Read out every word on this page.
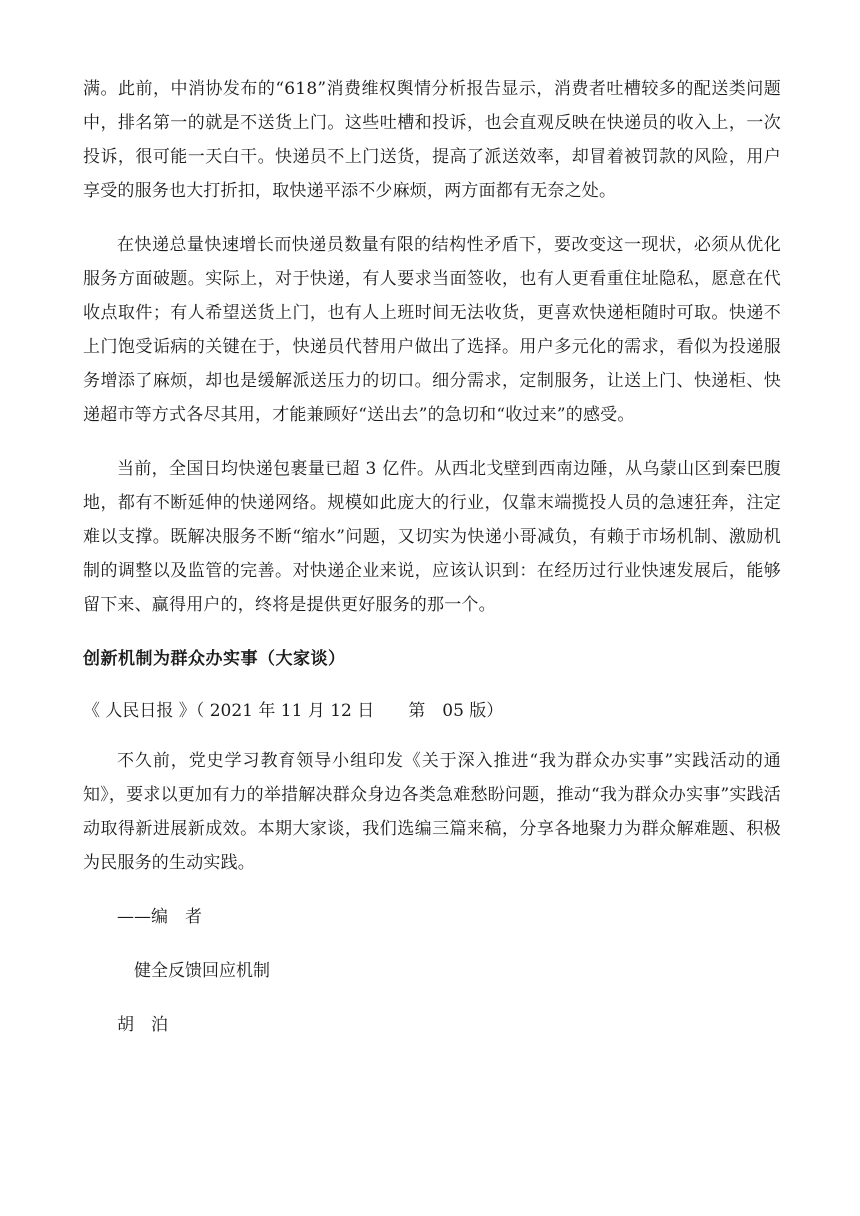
满。此前，中消协发布的“618”消费维权舆情分析报告显示，消费者吐槽较多的配送类问题中，排名第一的就是不送货上门。这些吐槽和投诉，也会直观反映在快递员的收入上，一次投诉，很可能一天白干。快递员不上门送货，提高了派送效率，却冒着被罚款的风险，用户享受的服务也大打折扣，取快递平添不少麻烦，两方面都有无奈之处。

在快递总量快速增长而快递员数量有限的结构性矛盾下，要改变这一现状，必须从优化服务方面破题。实际上，对于快递，有人要求当面签收，也有人更看重住址隐私，愿意在代收点取件；有人希望送货上门，也有人上班时间无法收货，更喜欢快递柜随时可取。快递不上门饱受诟病的关键在于，快递员代替用户做出了选择。用户多元化的需求，看似为投递服务增添了麻烦，却也是缓解派送压力的切口。细分需求，定制服务，让送上门、快递柜、快递超市等方式各尽其用，才能兼顾好“送出去”的急切和“收过来”的感受。

当前，全国日均快递包裹量已超 3 亿件。从西北戈壁到西南边陲，从乌蒙山区到秦巴腹地，都有不断延伸的快递网络。规模如此庞大的行业，仅靠末端揽投人员的急速狂奔，注定难以支撑。既解决服务不断“缩水”问题，又切实为快递小哥减负，有赖于市场机制、激励机制的调整以及监管的完善。对快递企业来说，应该认识到：在经历过行业快速发展后，能够留下来、赢得用户的，终将是提供更好服务的那一个。

创新机制为群众办实事（大家谈）
《 人民日报 》（ 2021 年 11 月 12 日　　第　05 版）

不久前，党史学习教育领导小组印发《关于深入推进“我为群众办实事”实践活动的通知》，要求以更加有力的举措解决群众身边各类急难愁盼问题，推动“我为群众办实事”实践活动取得新进展新成效。本期大家谈，我们选编三篇来稿，分享各地聚力为群众解难题、积极为民服务的生动实践。

——编　者
健全反馈回应机制
胡　泊
